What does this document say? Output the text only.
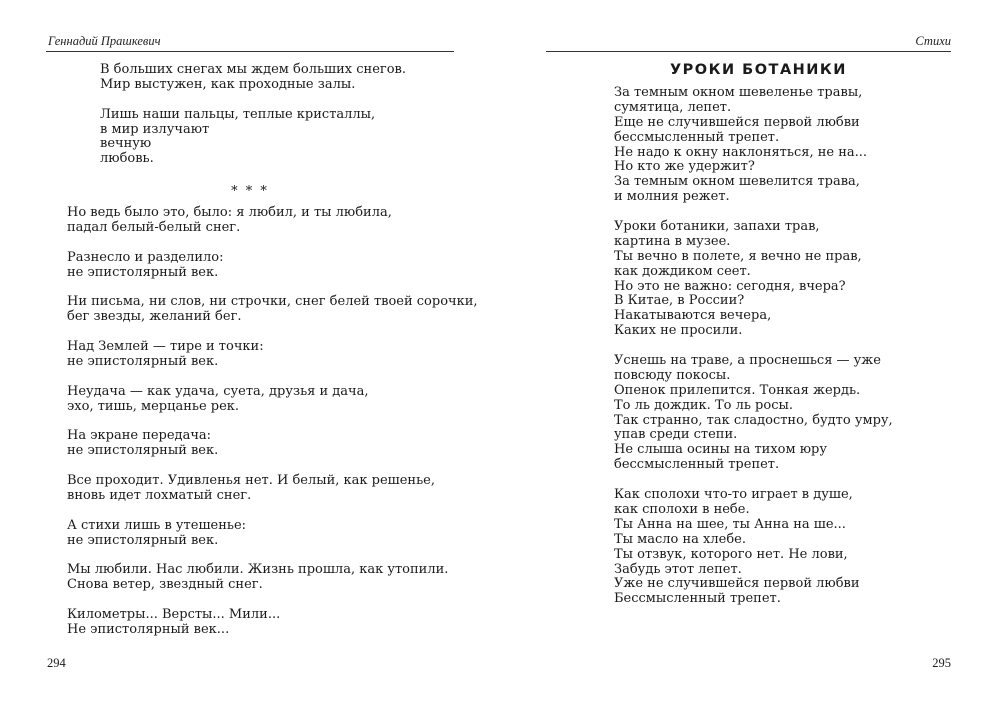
Геннадий Прашкевич
В больших снегах мы ждем больших снегов.
Мир выстужен, как проходные залы.
Лишь наши пальцы, теплые кристаллы,
в мир излучают
вечную
любовь.
* * *
Но ведь было это, было: я любил, и ты любила,
падал белый-белый снег.
Разнесло и разделило:
не эпистолярный век.
Ни письма, ни слов, ни строчки, снег белей твоей сорочки,
бег звезды, желаний бег.
Над Землей — тире и точки:
не эпистолярный век.
Неудача — как удача, суета, друзья и дача,
эхо, тишь, мерцанье рек.
На экране передача:
не эпистолярный век.
Все проходит. Удивленья нет. И белый, как решенье,
вновь идет лохматый снег.
А стихи лишь в утешенье:
не эпистолярный век.
Мы любили. Нас любили. Жизнь прошла, как утопили.
Снова ветер, звездный снег.
Километры... Версты... Мили...
Не эпистолярный век...
294
Стихи
УРОКИ БОТАНИКИ
За темным окном шевеленье травы,
сумятица, лепет.
Еще не случившейся первой любви
бессмысленный трепет.
Не надо к окну наклоняться, не на...
Но кто же удержит?
За темным окном шевелится трава,
и молния режет.
Уроки ботаники, запахи трав,
картина в музее.
Ты вечно в полете, я вечно не прав,
как дождиком сеет.
Но это не важно: сегодня, вчера?
В Китае, в России?
Накатываются вечера,
Каких не просили.
Уснешь на траве, а проснешься — уже
повсюду покосы.
Опенок прилепится. Тонкая жердь.
То ль дождик. То ль росы.
Так странно, так сладостно, будто умру,
упав среди степи.
Не слыша осины на тихом юру
бессмысленный трепет.
Как сполохи что-то играет в душе,
как сполохи в небе.
Ты Анна на шее, ты Анна на ше...
Ты масло на хлебе.
Ты отзвук, которого нет. Не лови,
Забудь этот лепет.
Уже не случившейся первой любви
Бессмысленный трепет.
295
